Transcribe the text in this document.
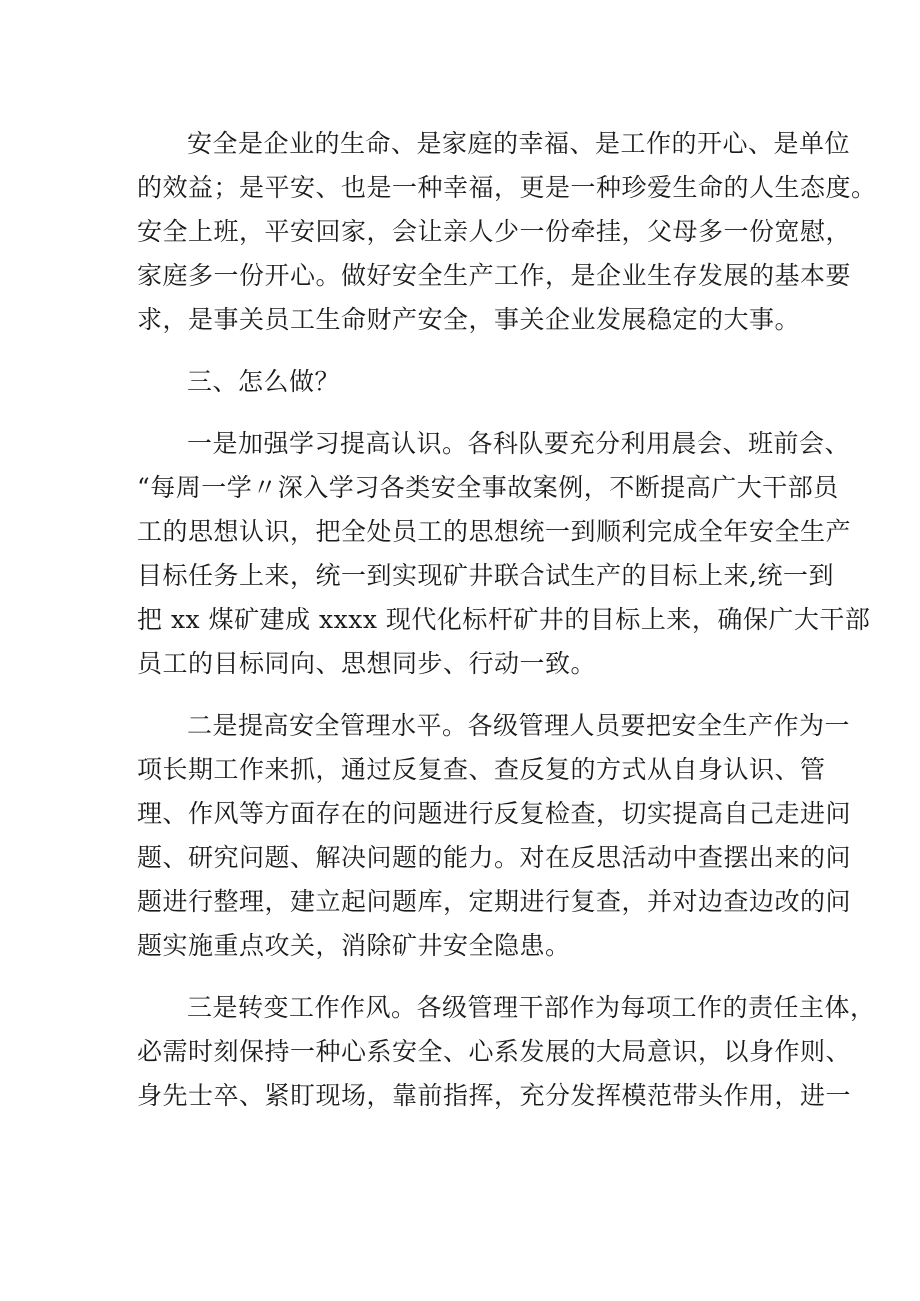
安全是企业的生命、是家庭的幸福、是工作的开心、是单位
的效益；是平安、也是一种幸福，更是一种珍爱生命的人生态度。
安全上班，平安回家，会让亲人少一份牵挂，父母多一份宽慰，
家庭多一份开心。做好安全生产工作，是企业生存发展的基本要
求，是事关员工生命财产安全，事关企业发展稳定的大事。
三、怎么做？
一是加强学习提高认识。各科队要充分利用晨会、班前会、
“每周一学〃深入学习各类安全事故案例，不断提高广大干部员
工的思想认识，把全处员工的思想统一到顺利完成全年安全生产
目标任务上来，统一到实现矿井联合试生产的目标上来,统一到
把 xx 煤矿建成 xxxx 现代化标杆矿井的目标上来，确保广大干部
员工的目标同向、思想同步、行动一致。
二是提高安全管理水平。各级管理人员要把安全生产作为一
项长期工作来抓，通过反复查、查反复的方式从自身认识、管
理、作风等方面存在的问题进行反复检查，切实提高自己走进问
题、研究问题、解决问题的能力。对在反思活动中查摆出来的问
题进行整理，建立起问题库，定期进行复查，并对边查边改的问
题实施重点攻关，消除矿井安全隐患。
三是转变工作作风。各级管理干部作为每项工作的责任主体，
必需时刻保持一种心系安全、心系发展的大局意识，以身作则、
身先士卒、紧盯现场，靠前指挥，充分发挥模范带头作用，进一
